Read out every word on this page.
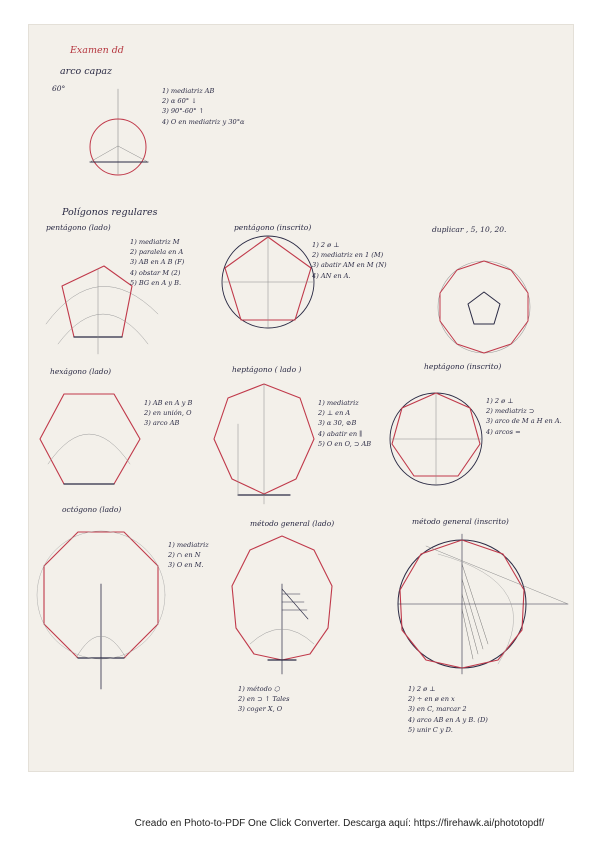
Examen dd
arco capaz
60°	1) mediatriz AB
2) α 60° ↓
3) 90°-60° ↑
4) O en mediatriz y 30°α
Polígonos regulares
pentágono (lado)
1) mediatriz M
2) paralela en A
3) AB en A B (F)
4) obstar M (2)
5) BG en A y B.
pentágono (inscrito)
1) 2 ø ⊥
2) mediatriz en 1 (M)
3) abatir AM en M (N)
4) AN en A.
duplicar , 5, 10, 20.
hexágono (lado)
1) AB en A y B
2) en unión, O
3) arco AB
heptágono ( lado )
1) mediatriz
2) ⊥ en A
3) α 30, ⊘B
4) abatir en ∥
5) O en O, ⊃ AB
heptágono (inscrito)
1) 2 ø ⊥
2) mediatriz ⊃
3) arco de M a H en A.
4) arcos =
octógono (lado)
1) mediatriz
2) ∩ en N
3) O en M.
método general (lado)
1) método ⬡
2) en ⊃ ↑ Tales
3) coger X, O
método general (inscrito)
1) 2 ø ⊥
2) ÷ en ø en x
3) en C, marcar 2
4) arco AB en A y B. (D)
5) unir C y D.
Creado en Photo-to-PDF One Click Converter. Descarga aquí: https://firehawk.ai/phototopdf/
